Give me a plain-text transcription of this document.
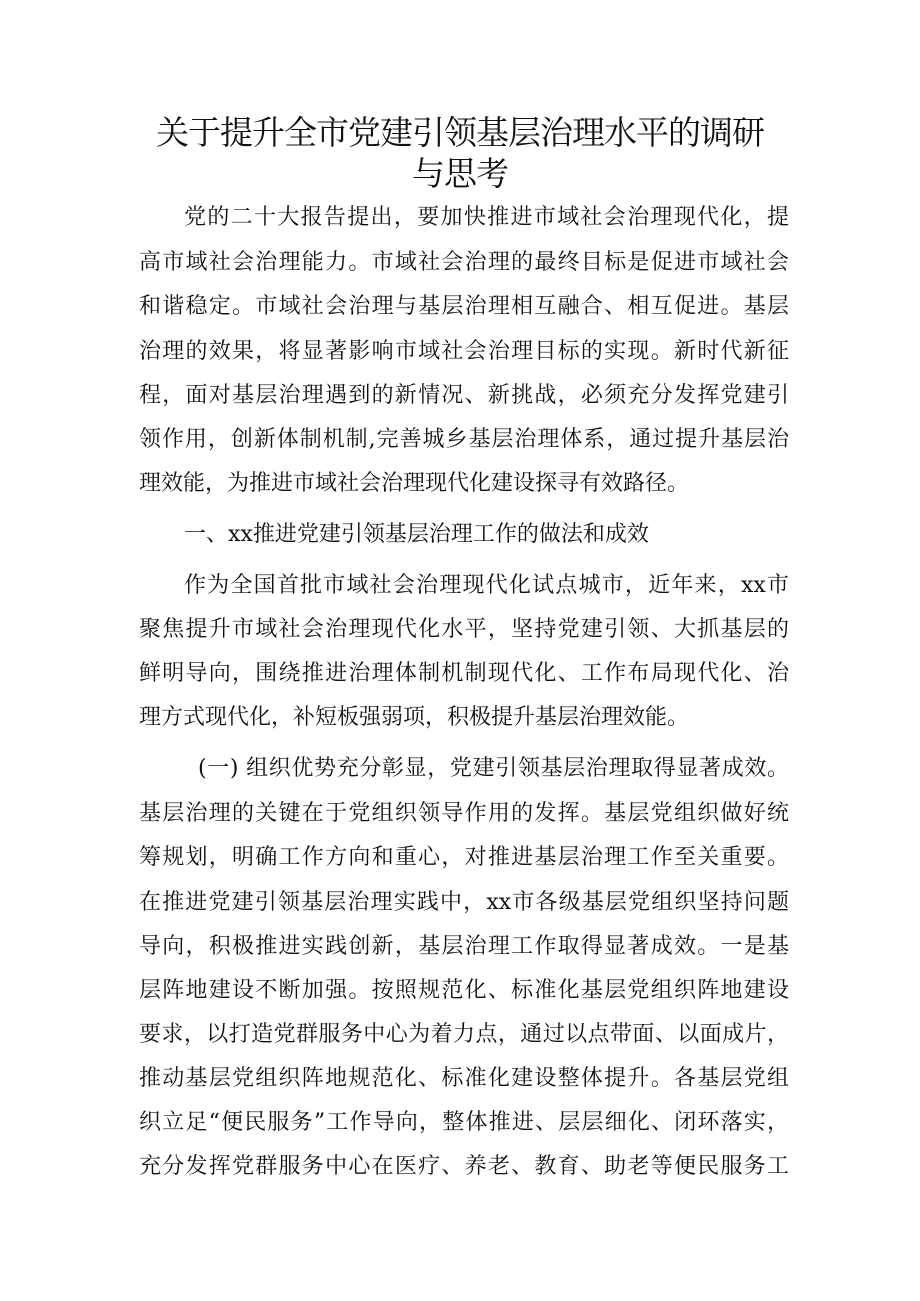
关于提升全市党建引领基层治理水平的调研
与思考
党的二十大报告提出，要加快推进市域社会治理现代化，提
高市域社会治理能力。市域社会治理的最终目标是促进市域社会
和谐稳定。市域社会治理与基层治理相互融合、相互促进。基层
治理的效果，将显著影响市域社会治理目标的实现。新时代新征
程，面对基层治理遇到的新情况、新挑战，必须充分发挥党建引
领作用，创新体制机制,完善城乡基层治理体系，通过提升基层治
理效能，为推进市域社会治理现代化建设探寻有效路径。
一、xx推进党建引领基层治理工作的做法和成效
作为全国首批市域社会治理现代化试点城市，近年来，xx市
聚焦提升市域社会治理现代化水平，坚持党建引领、大抓基层的
鲜明导向，围绕推进治理体制机制现代化、工作布局现代化、治
理方式现代化，补短板强弱项，积极提升基层治理效能。
(一) 组织优势充分彰显，党建引领基层治理取得显著成效。
基层治理的关键在于党组织领导作用的发挥。基层党组织做好统
筹规划，明确工作方向和重心，对推进基层治理工作至关重要。
在推进党建引领基层治理实践中，xx市各级基层党组织坚持问题
导向，积极推进实践创新，基层治理工作取得显著成效。一是基
层阵地建设不断加强。按照规范化、标准化基层党组织阵地建设
要求，以打造党群服务中心为着力点，通过以点带面、以面成片，
推动基层党组织阵地规范化、标准化建设整体提升。各基层党组
织立足“便民服务”工作导向，整体推进、层层细化、闭环落实，
充分发挥党群服务中心在医疗、养老、教育、助老等便民服务工
